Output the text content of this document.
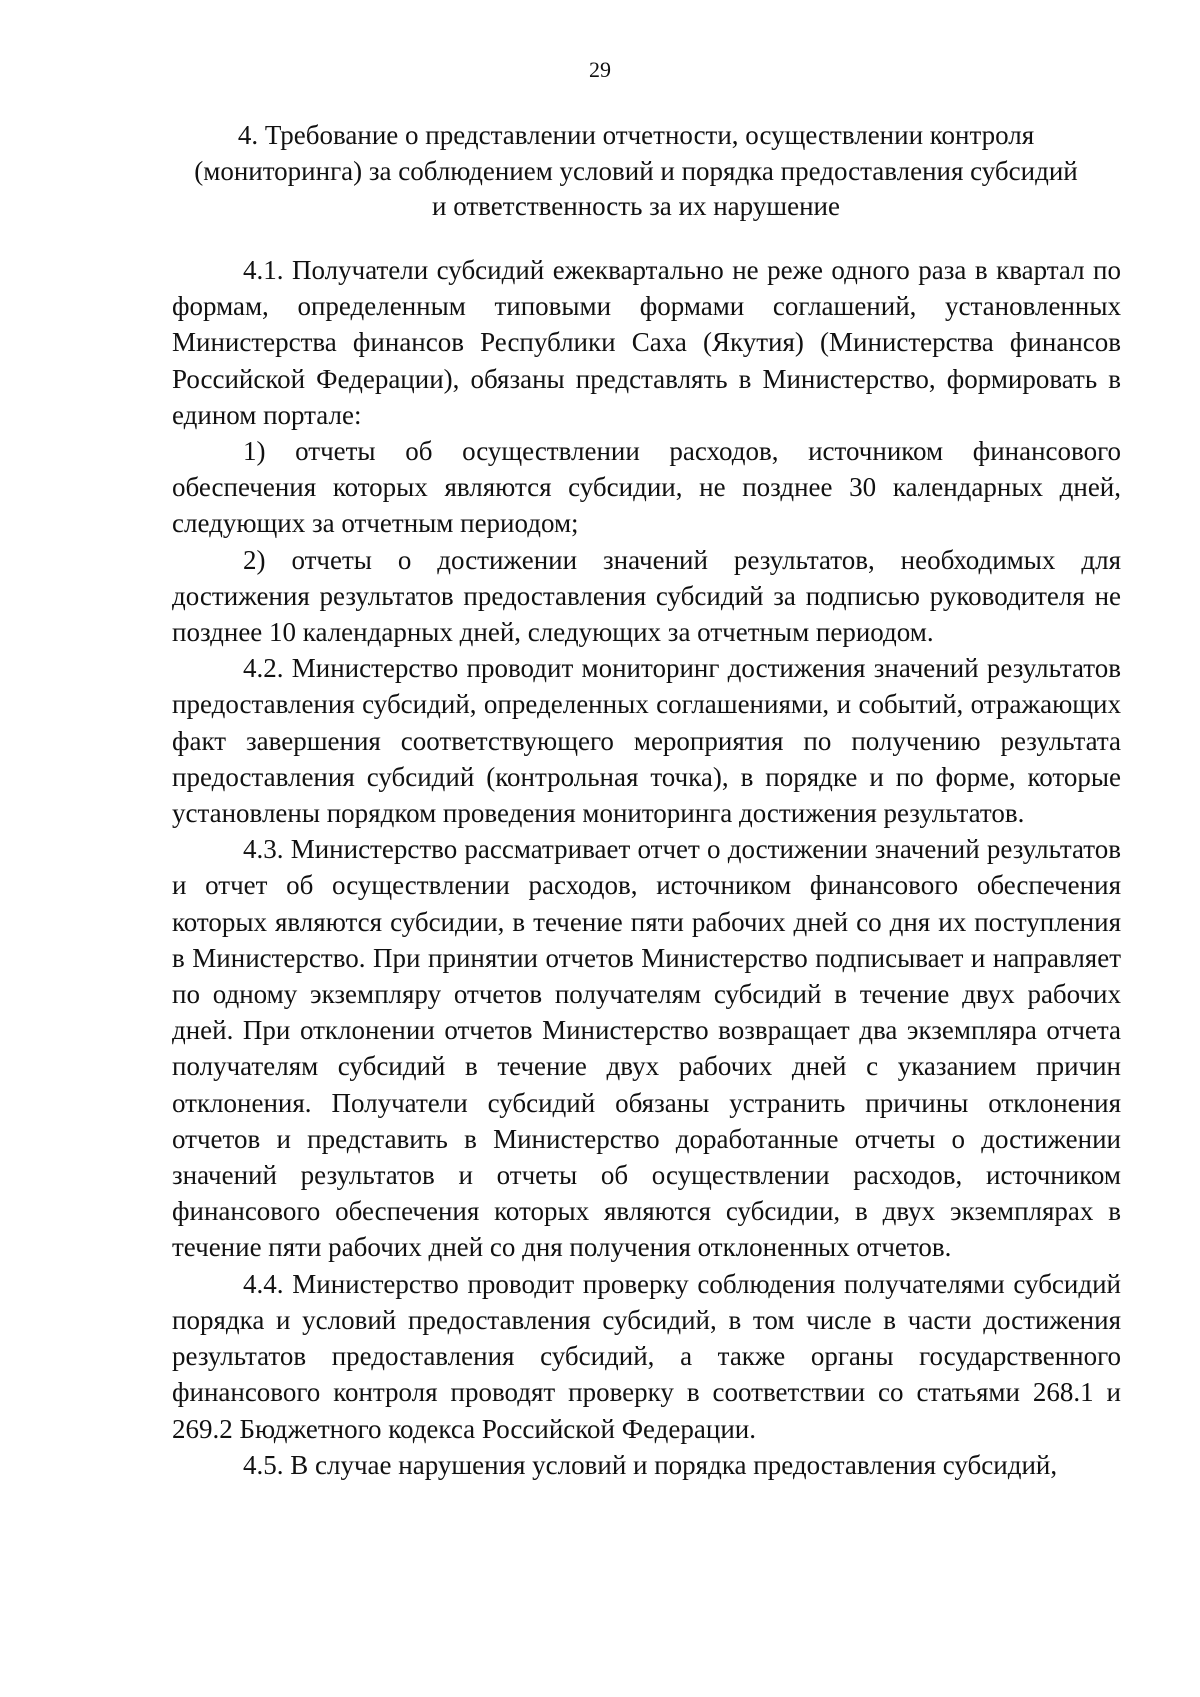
29
4. Требование о представлении отчетности, осуществлении контроля
(мониторинга) за соблюдением условий и порядка предоставления субсидий
и ответственность за их нарушение

4.1. Получатели субсидий ежеквартально не реже одного раза в квартал по формам, определенным типовыми формами соглашений, установленных Министерства финансов Республики Саха (Якутия) (Министерства финансов Российской Федерации), обязаны представлять в Министерство, формировать в едином портале:

1) отчеты об осуществлении расходов, источником финансового обеспечения которых являются субсидии, не позднее 30 календарных дней, следующих за отчетным периодом;

2) отчеты о достижении значений результатов, необходимых для достижения результатов предоставления субсидий за подписью руководителя не позднее 10 календарных дней, следующих за отчетным периодом.

4.2. Министерство проводит мониторинг достижения значений результатов предоставления субсидий, определенных соглашениями, и событий, отражающих факт завершения соответствующего мероприятия по получению результата предоставления субсидий (контрольная точка), в порядке и по форме, которые установлены порядком проведения мониторинга достижения результатов.

4.3. Министерство рассматривает отчет о достижении значений результатов и отчет об осуществлении расходов, источником финансового обеспечения которых являются субсидии, в течение пяти рабочих дней со дня их поступления в Министерство. При принятии отчетов Министерство подписывает и направляет по одному экземпляру отчетов получателям субсидий в течение двух рабочих дней. При отклонении отчетов Министерство возвращает два экземпляра отчета получателям субсидий в течение двух рабочих дней с указанием причин отклонения. Получатели субсидий обязаны устранить причины отклонения отчетов и представить в Министерство доработанные отчеты о достижении значений результатов и отчеты об осуществлении расходов, источником финансового обеспечения которых являются субсидии, в двух экземплярах в течение пяти рабочих дней со дня получения отклоненных отчетов.

4.4. Министерство проводит проверку соблюдения получателями субсидий порядка и условий предоставления субсидий, в том числе в части достижения результатов предоставления субсидий, а также органы государственного финансового контроля проводят проверку в соответствии со статьями 268.1 и 269.2 Бюджетного кодекса Российской Федерации.

4.5. В случае нарушения условий и порядка предоставления субсидий,
